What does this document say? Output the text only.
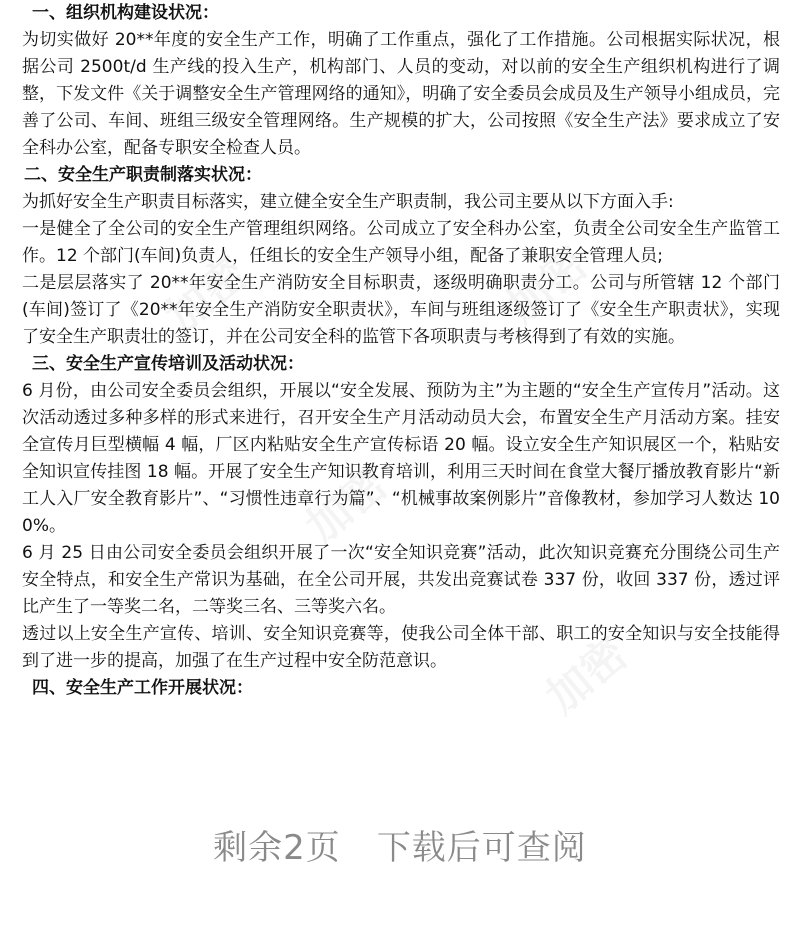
加密	加密
加密
加密

一、组织机构建设状况：

为切实做好 20**年度的安全生产工作，明确了工作重点，强化了工作措施。公司根据实际状况，根据公司 2500t/d 生产线的投入生产，机构部门、人员的变动，对以前的安全生产组织机构进行了调整，下发文件《关于调整安全生产管理网络的通知》，明确了安全委员会成员及生产领导小组成员，完善了公司、车间、班组三级安全管理网络。生产规模的扩大，公司按照《安全生产法》要求成立了安全科办公室，配备专职安全检查人员。

二、安全生产职责制落实状况：

为抓好安全生产职责目标落实，建立健全安全生产职责制，我公司主要从以下方面入手:

一是健全了全公司的安全生产管理组织网络。公司成立了安全科办公室，负责全公司安全生产监管工作。12 个部门(车间)负责人，任组长的安全生产领导小组，配备了兼职安全管理人员;

二是层层落实了 20**年安全生产消防安全目标职责，逐级明确职责分工。公司与所管辖 12 个部门(车间)签订了《20**年安全生产消防安全职责状》，车间与班组逐级签订了《安全生产职责状》，实现了安全生产职责壮的签订，并在公司安全科的监管下各项职责与考核得到了有效的实施。

三、安全生产宣传培训及活动状况：

6 月份，由公司安全委员会组织，开展以“安全发展、预防为主”为主题的“安全生产宣传月”活动。这次活动透过多种多样的形式来进行，召开安全生产月活动动员大会，布置安全生产月活动方案。挂安全宣传月巨型横幅 4 幅，厂区内粘贴安全生产宣传标语 20 幅。设立安全生产知识展区一个，粘贴安全知识宣传挂图 18 幅。开展了安全生产知识教育培训，利用三天时间在食堂大餐厅播放教育影片“新工人入厂安全教育影片”、“习惯性违章行为篇”、“机械事故案例影片”音像教材，参加学习人数达 100%。

6 月 25 日由公司安全委员会组织开展了一次“安全知识竞赛”活动，此次知识竞赛充分围绕公司生产安全特点，和安全生产常识为基础，在全公司开展，共发出竞赛试卷 337 份，收回 337 份，透过评比产生了一等奖二名，二等奖三名、三等奖六名。

透过以上安全生产宣传、培训、安全知识竞赛等，使我公司全体干部、职工的安全知识与安全技能得到了进一步的提高，加强了在生产过程中安全防范意识。

四、安全生产工作开展状况：

剩余2页 下载后可查阅
